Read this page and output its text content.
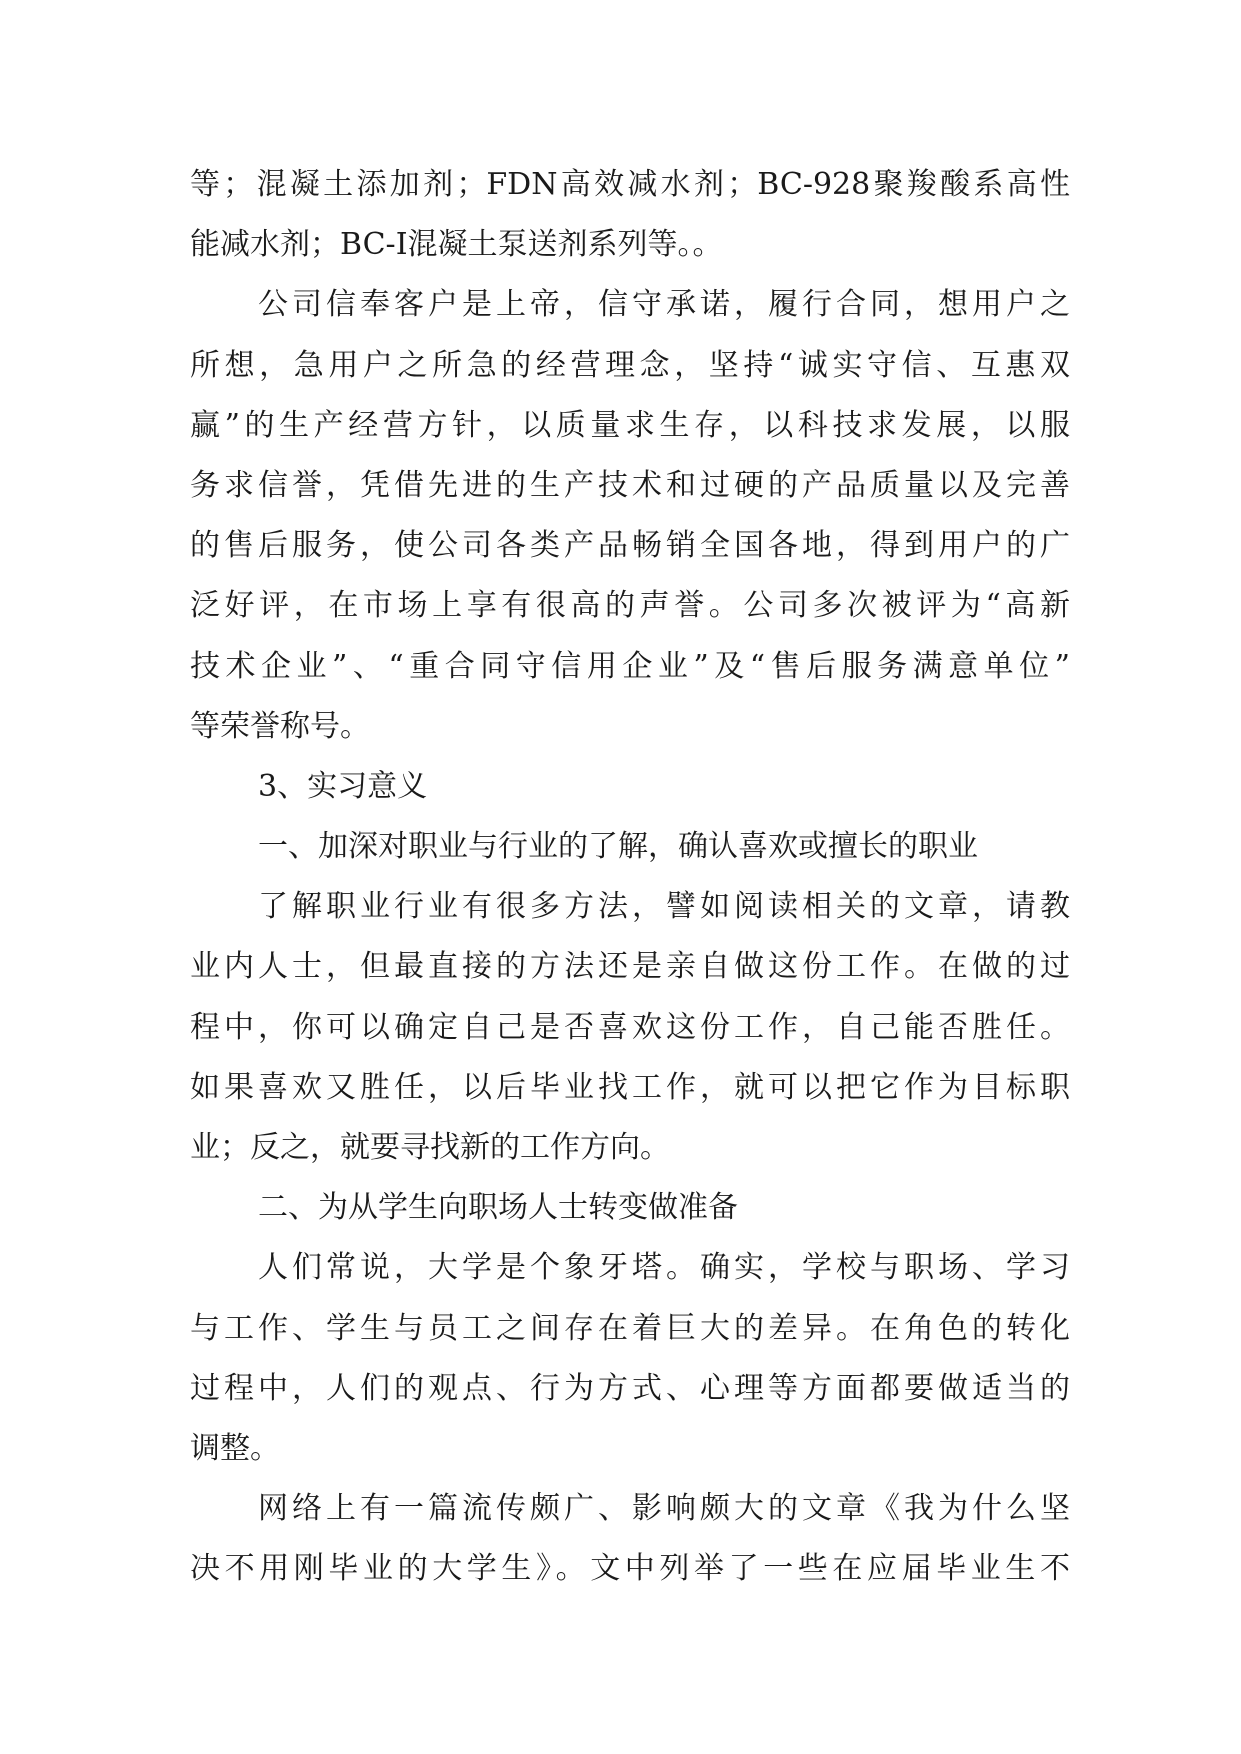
等；混凝土添加剂；FDN高效减水剂；BC-928聚羧酸系高性
能减水剂；BC-I混凝土泵送剂系列等。。
公司信奉客户是上帝，信守承诺，履行合同，想用户之
所想，急用户之所急的经营理念，坚持“诚实守信、互惠双
赢”的生产经营方针，以质量求生存，以科技求发展，以服
务求信誉，凭借先进的生产技术和过硬的产品质量以及完善
的售后服务，使公司各类产品畅销全国各地，得到用户的广
泛好评，在市场上享有很高的声誉。公司多次被评为“高新
技术企业”、“重合同守信用企业”及“售后服务满意单位”
等荣誉称号。
3、实习意义
一、加深对职业与行业的了解，确认喜欢或擅长的职业
了解职业行业有很多方法，譬如阅读相关的文章，请教
业内人士，但最直接的方法还是亲自做这份工作。在做的过
程中，你可以确定自己是否喜欢这份工作，自己能否胜任。
如果喜欢又胜任，以后毕业找工作，就可以把它作为目标职
业；反之，就要寻找新的工作方向。
二、为从学生向职场人士转变做准备
人们常说，大学是个象牙塔。确实，学校与职场、学习
与工作、学生与员工之间存在着巨大的差异。在角色的转化
过程中，人们的观点、行为方式、心理等方面都要做适当的
调整。
网络上有一篇流传颇广、影响颇大的文章《我为什么坚
决不用刚毕业的大学生》。文中列举了一些在应届毕业生不
